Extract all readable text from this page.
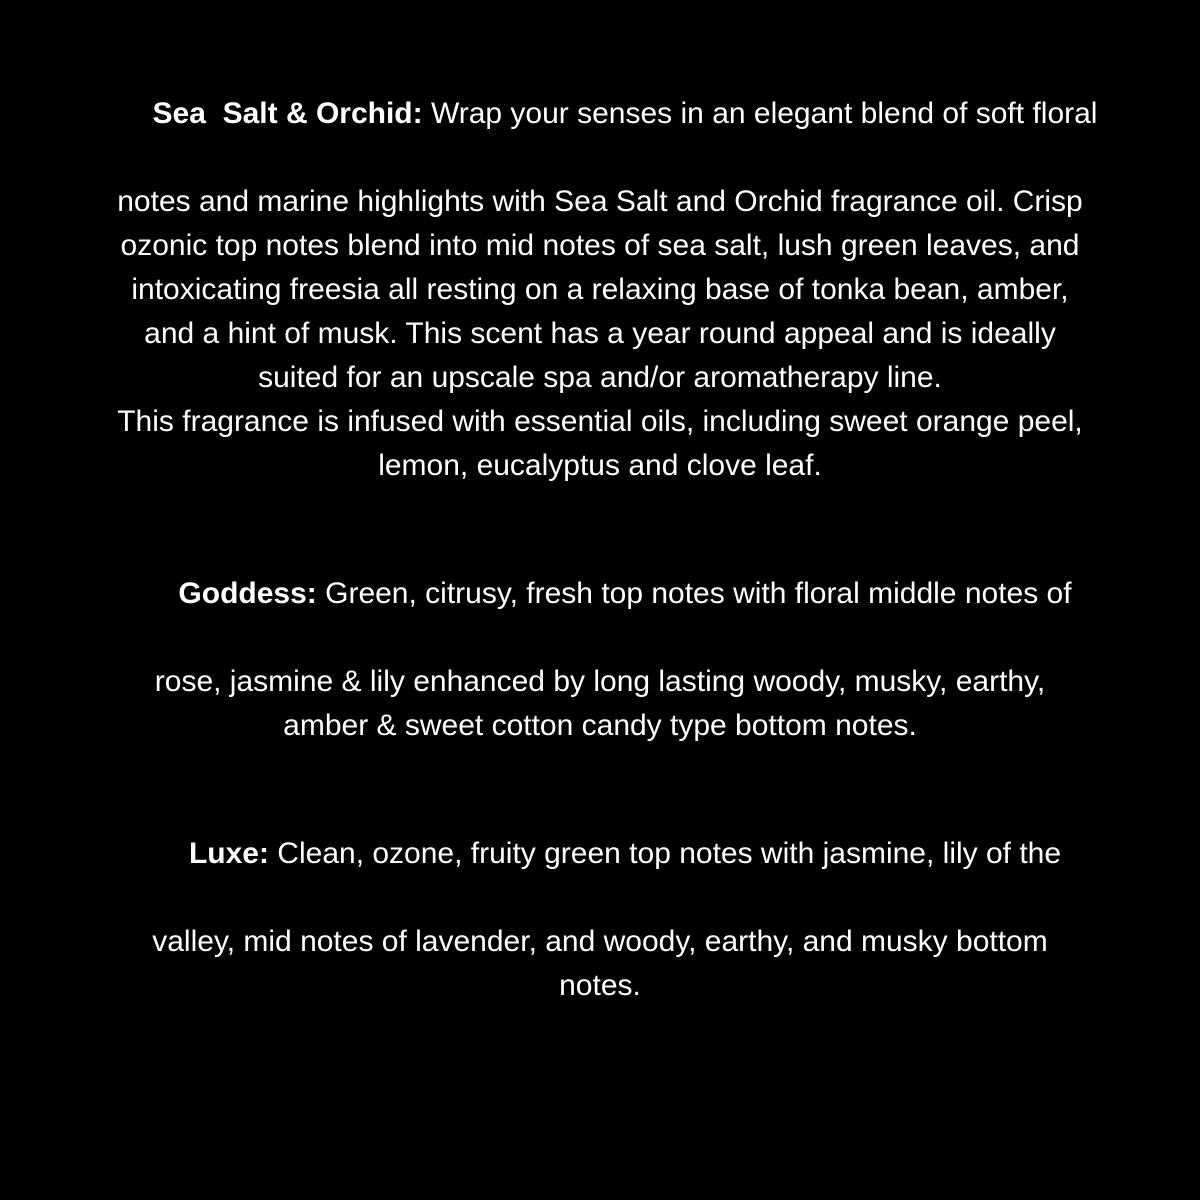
Sea  Salt & Orchid: Wrap your senses in an elegant blend of soft floral

notes and marine highlights with Sea Salt and Orchid fragrance oil. Crisp
ozonic top notes blend into mid notes of sea salt, lush green leaves, and
intoxicating freesia all resting on a relaxing base of tonka bean, amber,
and a hint of musk. This scent has a year round appeal and is ideally
suited for an upscale spa and/or aromatherapy line.
This fragrance is infused with essential oils, including sweet orange peel,
lemon, eucalyptus and clove leaf.

Goddess: Green, citrusy, fresh top notes with floral middle notes of

rose, jasmine & lily enhanced by long lasting woody, musky, earthy,
amber & sweet cotton candy type bottom notes.

Luxe: Clean, ozone, fruity green top notes with jasmine, lily of the

valley, mid notes of lavender, and woody, earthy, and musky bottom
notes.
